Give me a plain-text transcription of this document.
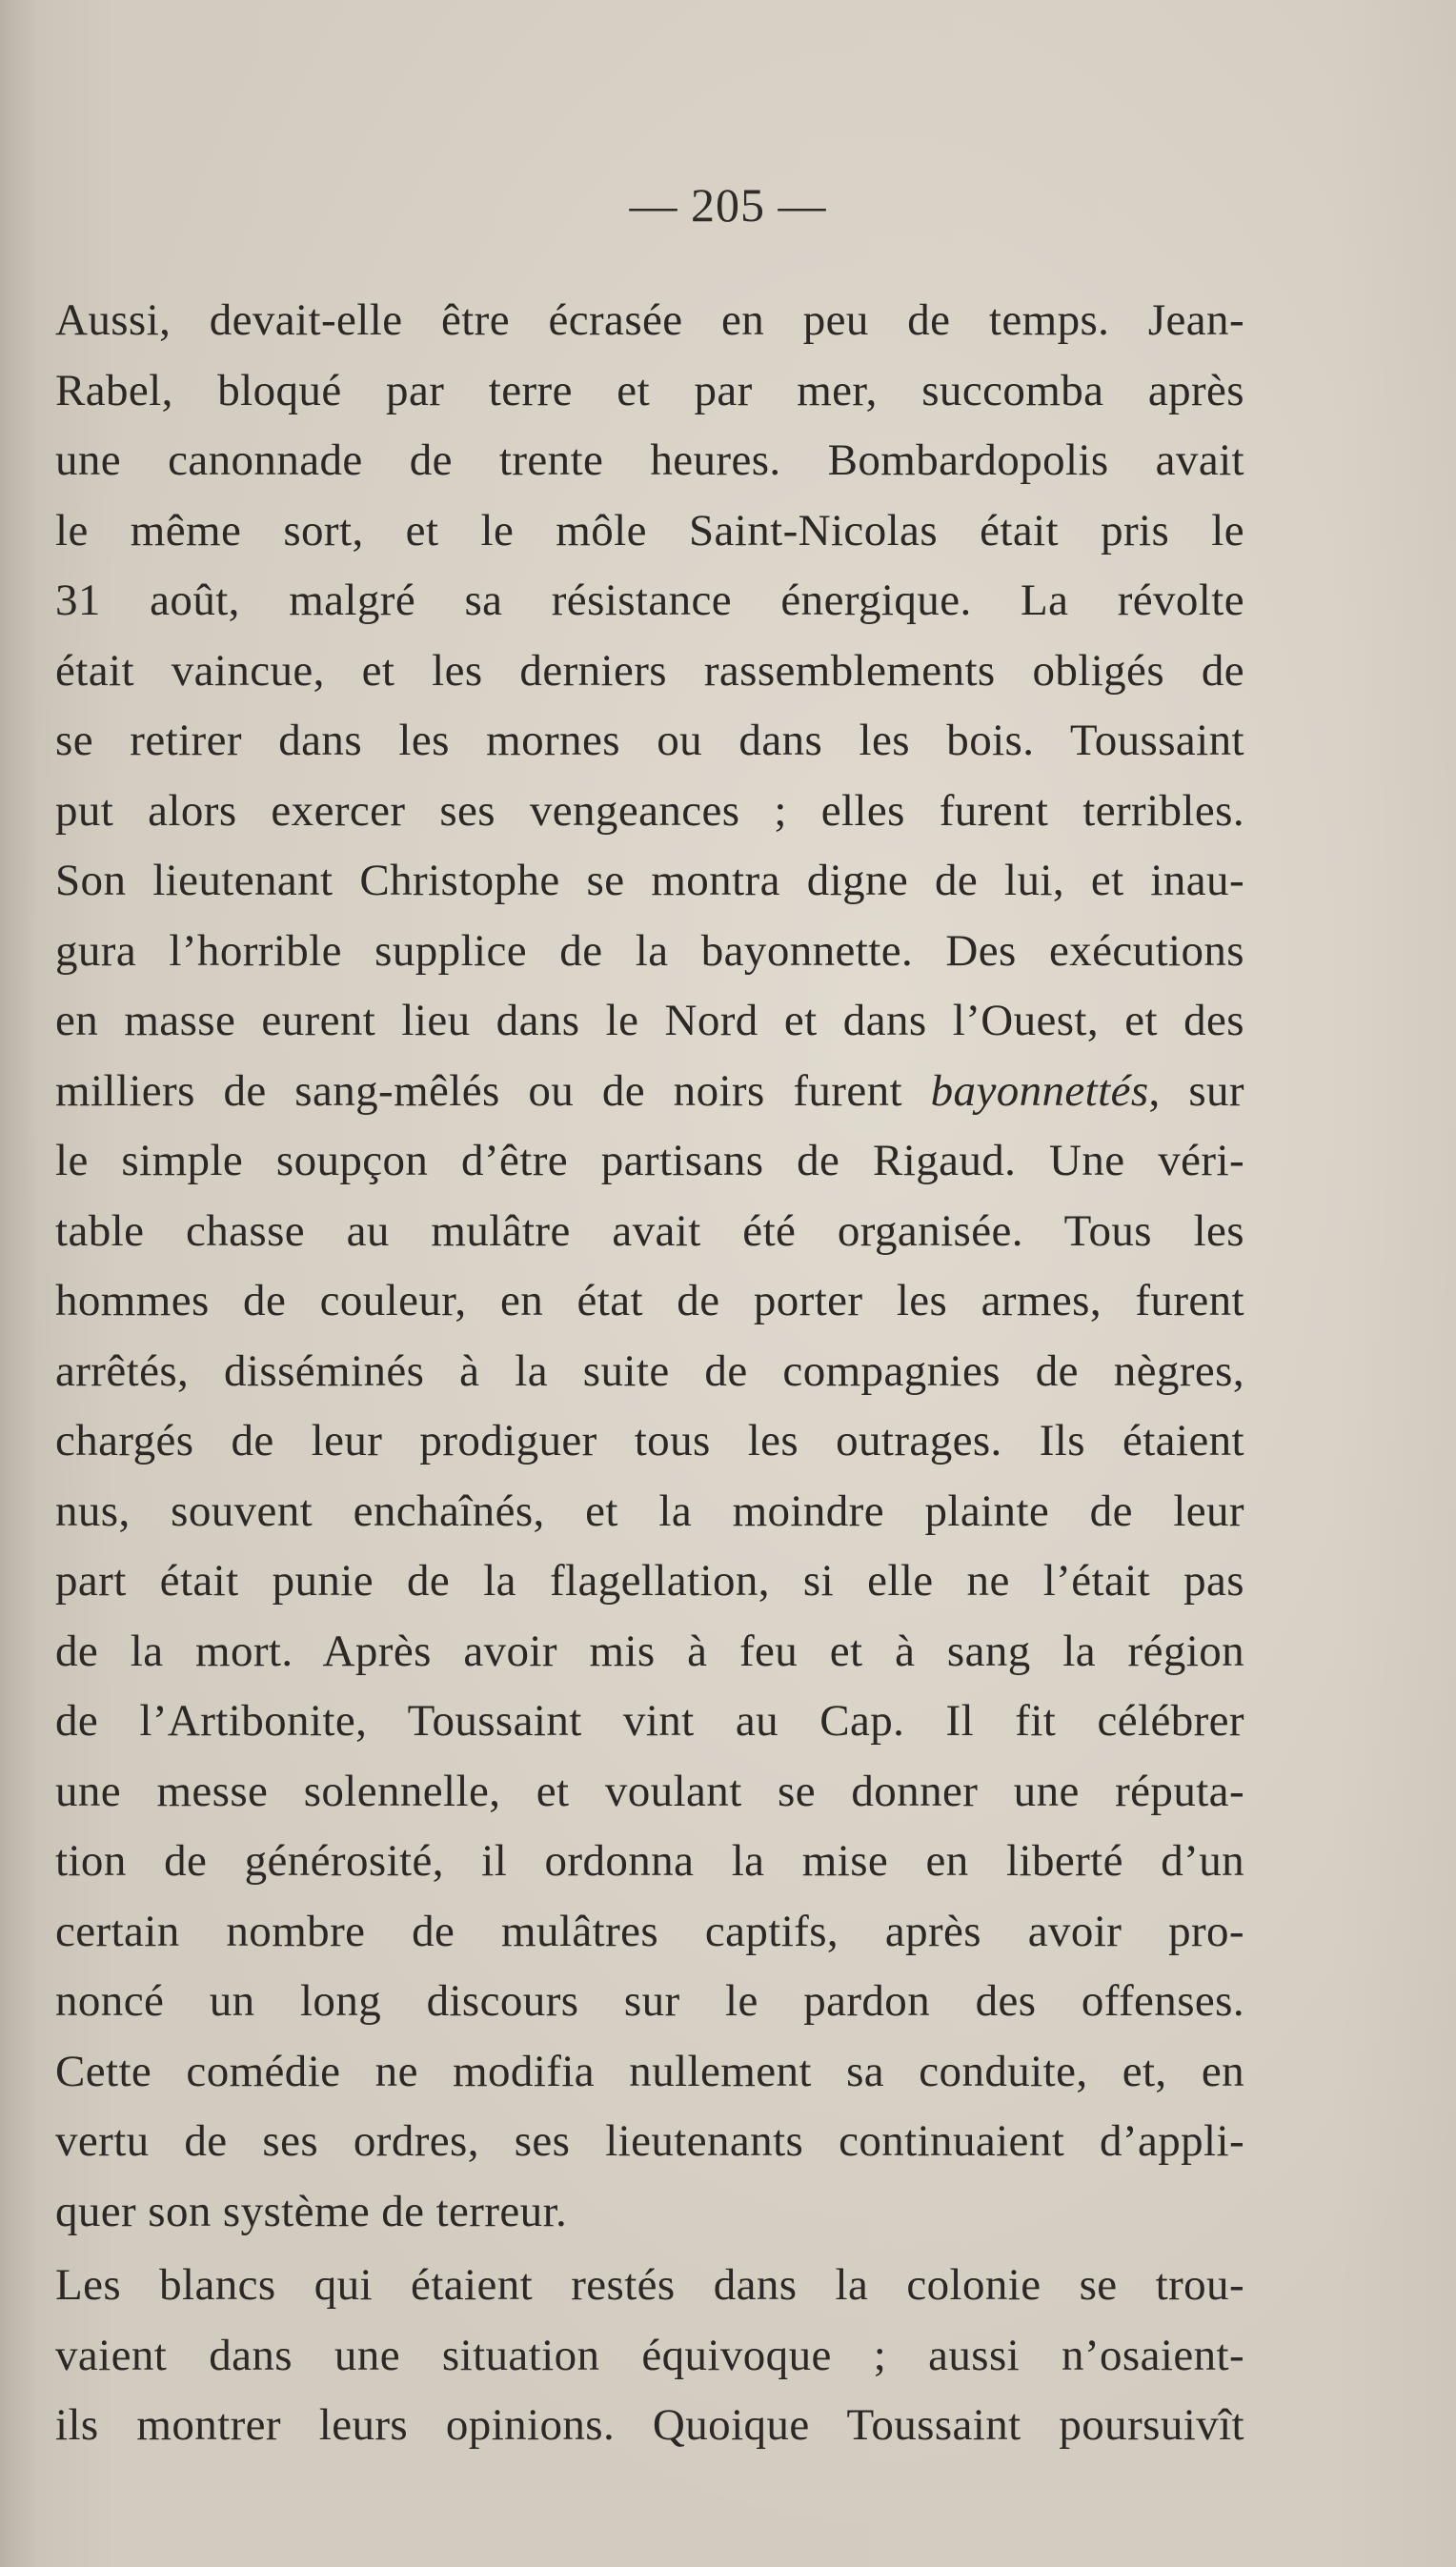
— 205 —
Aussi, devait-elle être écrasée en peu de temps. Jean-
Rabel, bloqué par terre et par mer, succomba après
une canonnade de trente heures. Bombardopolis avait
le même sort, et le môle Saint-Nicolas était pris le
31 août, malgré sa résistance énergique. La révolte
était vaincue, et les derniers rassemblements obligés de
se retirer dans les mornes ou dans les bois. Toussaint
put alors exercer ses vengeances ; elles furent terribles.
Son lieutenant Christophe se montra digne de lui, et inau-
gura l’horrible supplice de la bayonnette. Des exécutions
en masse eurent lieu dans le Nord et dans l’Ouest, et des
milliers de sang-mêlés ou de noirs furent bayonnettés, sur
le simple soupçon d’être partisans de Rigaud. Une véri-
table chasse au mulâtre avait été organisée. Tous les
hommes de couleur, en état de porter les armes, furent
arrêtés, disséminés à la suite de compagnies de nègres,
chargés de leur prodiguer tous les outrages. Ils étaient
nus, souvent enchaînés, et la moindre plainte de leur
part était punie de la flagellation, si elle ne l’était pas
de la mort. Après avoir mis à feu et à sang la région
de l’Artibonite, Toussaint vint au Cap. Il fit célébrer
une messe solennelle, et voulant se donner une réputa-
tion de générosité, il ordonna la mise en liberté d’un
certain nombre de mulâtres captifs, après avoir pro-
noncé un long discours sur le pardon des offenses.
Cette comédie ne modifia nullement sa conduite, et, en
vertu de ses ordres, ses lieutenants continuaient d’appli-
quer son système de terreur.
Les blancs qui étaient restés dans la colonie se trou-
vaient dans une situation équivoque ; aussi n’osaient-
ils montrer leurs opinions. Quoique Toussaint poursuivît
